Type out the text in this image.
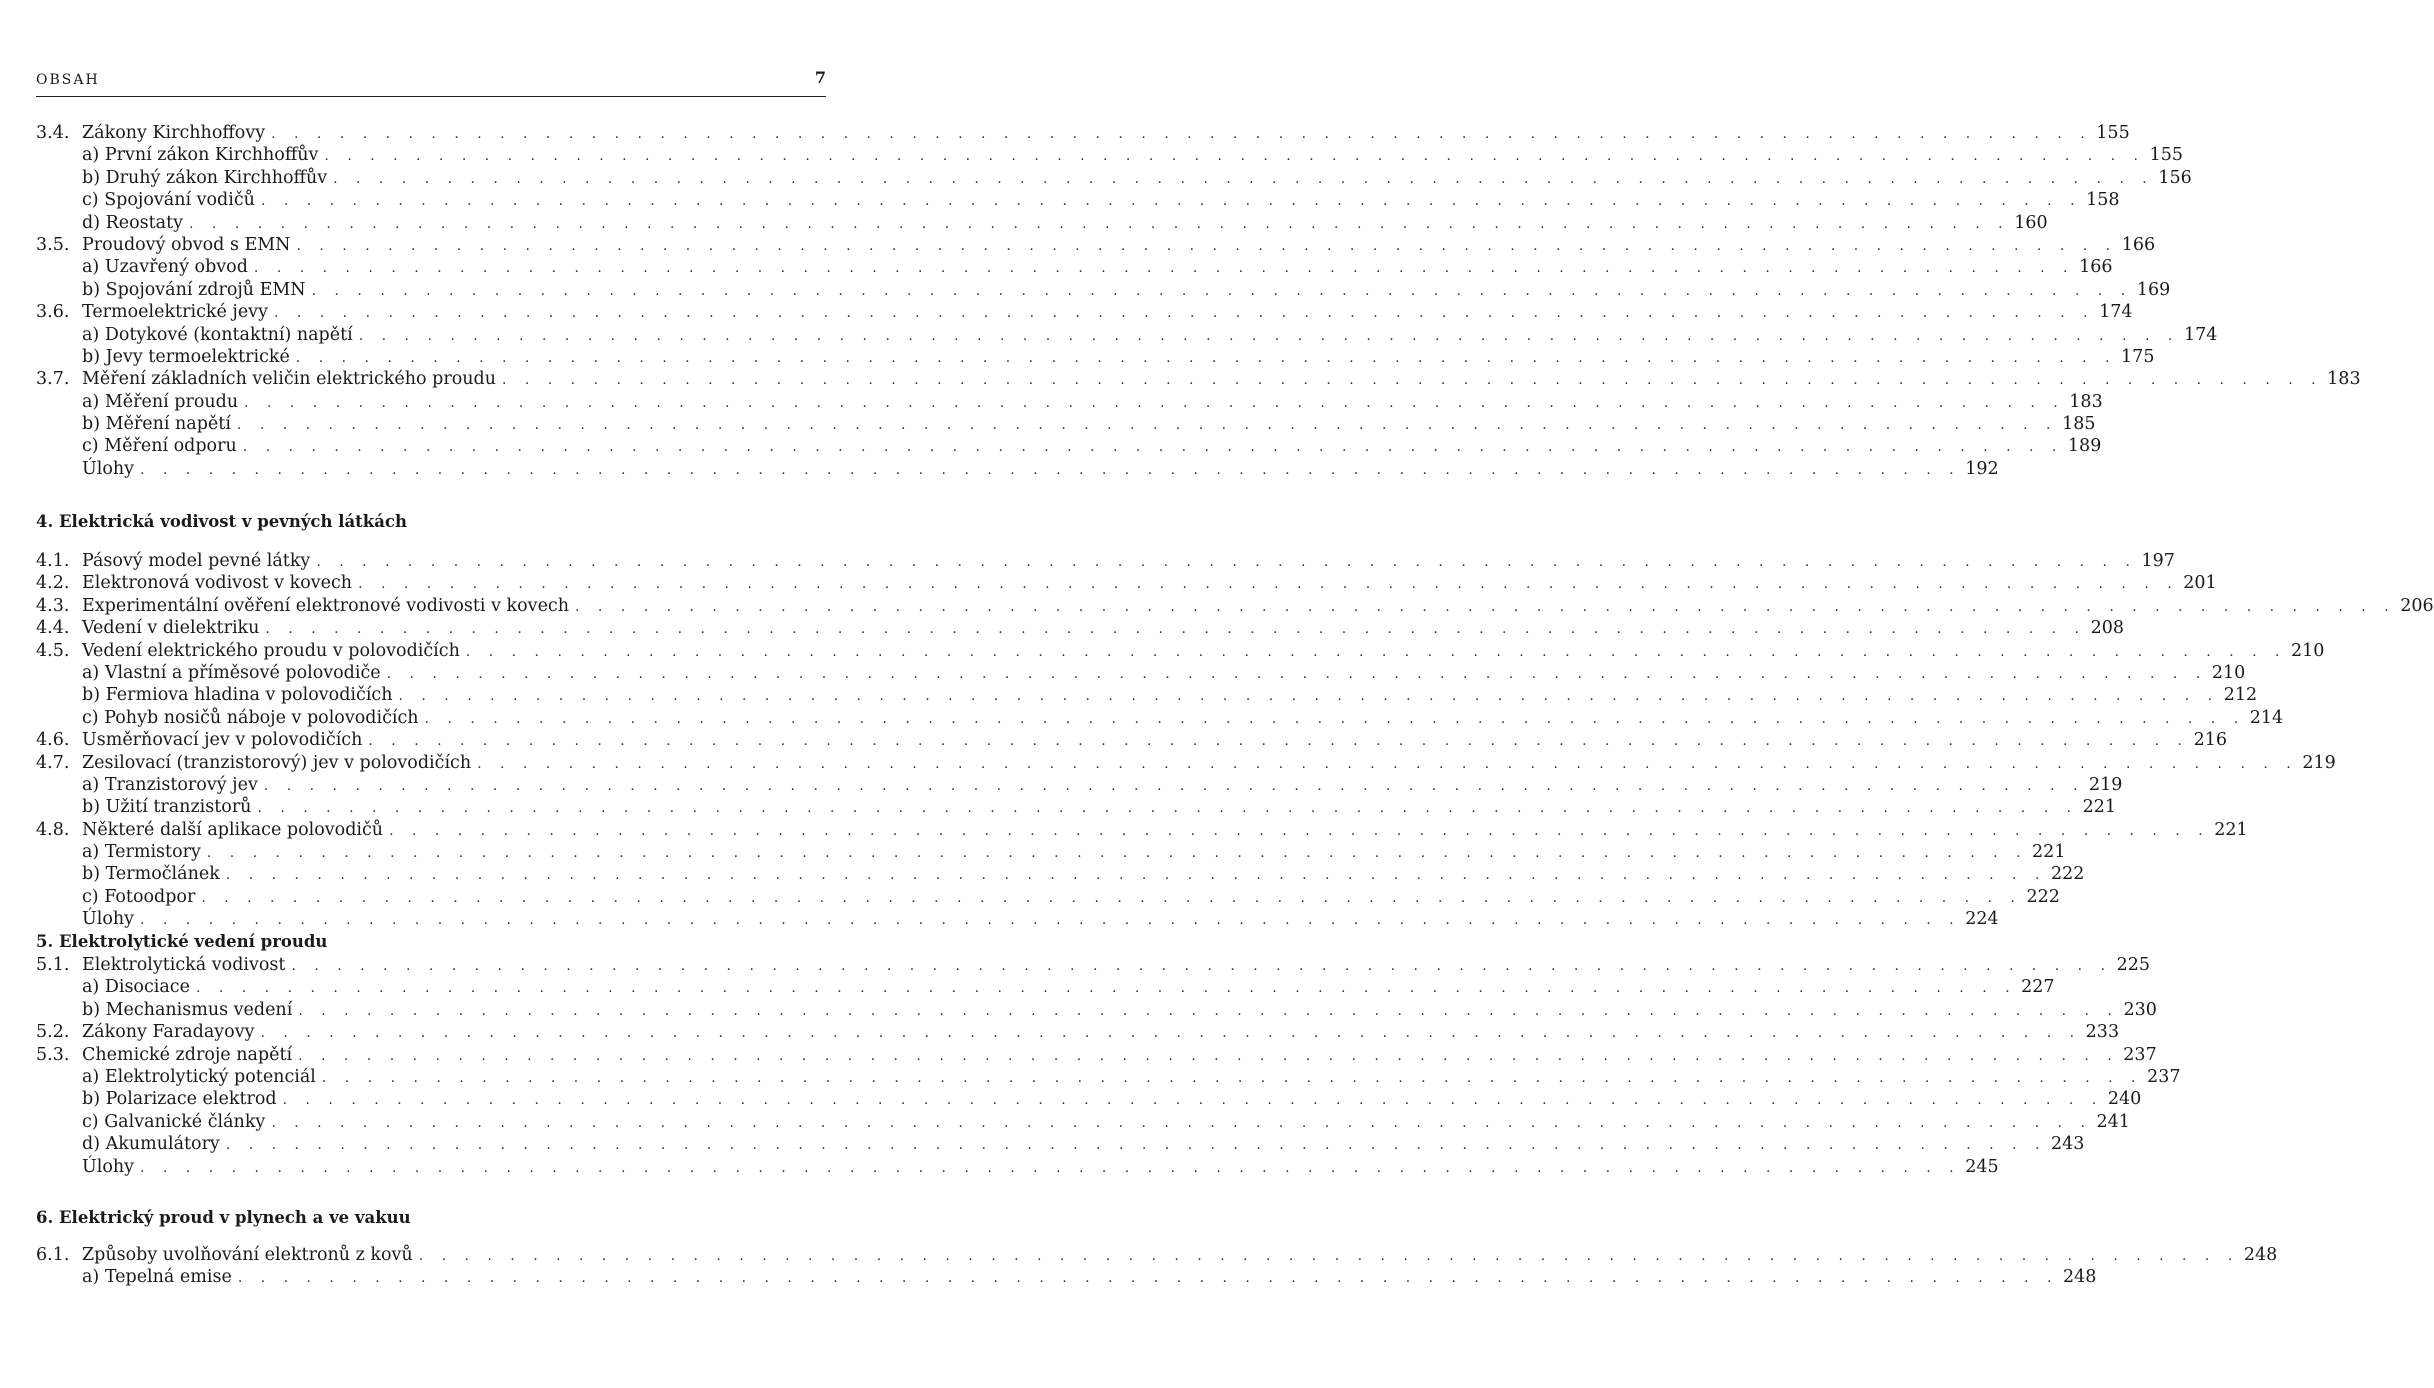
OBSAH	7
3.4. Zákony Kirchhoffovy . . . . . . . . . . . . . . . . . . . . . . . . . . . . . . . . . . . . . . . . . . . . . . . . . . . . . . . . . . . . . . . . . . . . . . . . . . . . . . . . 155
a) První zákon Kirchhoffův . . . . . . . . . . . . . . . . . . . . . . . . . . . . . . . . . . . . . . . . . . . . . . . . . . . . . . . . . . . . . . . . . . . . . . . . . . . . . . . . 155
b) Druhý zákon Kirchhoffův . . . . . . . . . . . . . . . . . . . . . . . . . . . . . . . . . . . . . . . . . . . . . . . . . . . . . . . . . . . . . . . . . . . . . . . . . . . . . . . . 156
c) Spojování vodičů . . . . . . . . . . . . . . . . . . . . . . . . . . . . . . . . . . . . . . . . . . . . . . . . . . . . . . . . . . . . . . . . . . . . . . . . . . . . . . . . 158
d) Reostaty . . . . . . . . . . . . . . . . . . . . . . . . . . . . . . . . . . . . . . . . . . . . . . . . . . . . . . . . . . . . . . . . . . . . . . . . . . . . . . . . 160
3.5. Proudový obvod s EMN . . . . . . . . . . . . . . . . . . . . . . . . . . . . . . . . . . . . . . . . . . . . . . . . . . . . . . . . . . . . . . . . . . . . . . . . . . . . . . . . 166
a) Uzavřený obvod . . . . . . . . . . . . . . . . . . . . . . . . . . . . . . . . . . . . . . . . . . . . . . . . . . . . . . . . . . . . . . . . . . . . . . . . . . . . . . . . 166
b) Spojování zdrojů EMN . . . . . . . . . . . . . . . . . . . . . . . . . . . . . . . . . . . . . . . . . . . . . . . . . . . . . . . . . . . . . . . . . . . . . . . . . . . . . . . . 169
3.6. Termoelektrické jevy . . . . . . . . . . . . . . . . . . . . . . . . . . . . . . . . . . . . . . . . . . . . . . . . . . . . . . . . . . . . . . . . . . . . . . . . . . . . . . . . 174
a) Dotykové (kontaktní) napětí . . . . . . . . . . . . . . . . . . . . . . . . . . . . . . . . . . . . . . . . . . . . . . . . . . . . . . . . . . . . . . . . . . . . . . . . . . . . . . . . 174
b) Jevy termoelektrické . . . . . . . . . . . . . . . . . . . . . . . . . . . . . . . . . . . . . . . . . . . . . . . . . . . . . . . . . . . . . . . . . . . . . . . . . . . . . . . . 175
3.7. Měření základních veličin elektrického proudu . . . . . . . . . . . . . . . . . . . . . . . . . . . . . . . . . . . . . . . . . . . . . . . . . . . . . . . . . . . . . . . . . . . . . . . . . . . . . . . . 183
a) Měření proudu . . . . . . . . . . . . . . . . . . . . . . . . . . . . . . . . . . . . . . . . . . . . . . . . . . . . . . . . . . . . . . . . . . . . . . . . . . . . . . . . 183
b) Měření napětí . . . . . . . . . . . . . . . . . . . . . . . . . . . . . . . . . . . . . . . . . . . . . . . . . . . . . . . . . . . . . . . . . . . . . . . . . . . . . . . . 185
c) Měření odporu . . . . . . . . . . . . . . . . . . . . . . . . . . . . . . . . . . . . . . . . . . . . . . . . . . . . . . . . . . . . . . . . . . . . . . . . . . . . . . . . 189
Úlohy . . . . . . . . . . . . . . . . . . . . . . . . . . . . . . . . . . . . . . . . . . . . . . . . . . . . . . . . . . . . . . . . . . . . . . . . . . . . . . . . 192
4. Elektrická vodivost v pevných látkách
4.1. Pásový model pevné látky . . . . . . . . . . . . . . . . . . . . . . . . . . . . . . . . . . . . . . . . . . . . . . . . . . . . . . . . . . . . . . . . . . . . . . . . . . . . . . . . 197
4.2. Elektronová vodivost v kovech . . . . . . . . . . . . . . . . . . . . . . . . . . . . . . . . . . . . . . . . . . . . . . . . . . . . . . . . . . . . . . . . . . . . . . . . . . . . . . . . 201
4.3. Experimentální ověření elektronové vodivosti v kovech . . . . . . . . . . . . . . . . . . . . . . . . . . . . . . . . . . . . . . . . . . . . . . . . . . . . . . . . . . . . . . . . . . . . . . . . . . . . . . . . 206
4.4. Vedení v dielektriku . . . . . . . . . . . . . . . . . . . . . . . . . . . . . . . . . . . . . . . . . . . . . . . . . . . . . . . . . . . . . . . . . . . . . . . . . . . . . . . . 208
4.5. Vedení elektrického proudu v polovodičích . . . . . . . . . . . . . . . . . . . . . . . . . . . . . . . . . . . . . . . . . . . . . . . . . . . . . . . . . . . . . . . . . . . . . . . . . . . . . . . . 210
a) Vlastní a příměsové polovodiče . . . . . . . . . . . . . . . . . . . . . . . . . . . . . . . . . . . . . . . . . . . . . . . . . . . . . . . . . . . . . . . . . . . . . . . . . . . . . . . . 210
b) Fermiova hladina v polovodičích . . . . . . . . . . . . . . . . . . . . . . . . . . . . . . . . . . . . . . . . . . . . . . . . . . . . . . . . . . . . . . . . . . . . . . . . . . . . . . . . 212
c) Pohyb nosičů náboje v polovodičích . . . . . . . . . . . . . . . . . . . . . . . . . . . . . . . . . . . . . . . . . . . . . . . . . . . . . . . . . . . . . . . . . . . . . . . . . . . . . . . . 214
4.6. Usměrňovací jev v polovodičích . . . . . . . . . . . . . . . . . . . . . . . . . . . . . . . . . . . . . . . . . . . . . . . . . . . . . . . . . . . . . . . . . . . . . . . . . . . . . . . . 216
4.7. Zesilovací (tranzistorový) jev v polovodičích . . . . . . . . . . . . . . . . . . . . . . . . . . . . . . . . . . . . . . . . . . . . . . . . . . . . . . . . . . . . . . . . . . . . . . . . . . . . . . . . 219
a) Tranzistorový jev . . . . . . . . . . . . . . . . . . . . . . . . . . . . . . . . . . . . . . . . . . . . . . . . . . . . . . . . . . . . . . . . . . . . . . . . . . . . . . . . 219
b) Užití tranzistorů . . . . . . . . . . . . . . . . . . . . . . . . . . . . . . . . . . . . . . . . . . . . . . . . . . . . . . . . . . . . . . . . . . . . . . . . . . . . . . . . 221
4.8. Některé další aplikace polovodičů . . . . . . . . . . . . . . . . . . . . . . . . . . . . . . . . . . . . . . . . . . . . . . . . . . . . . . . . . . . . . . . . . . . . . . . . . . . . . . . . 221
a) Termistory . . . . . . . . . . . . . . . . . . . . . . . . . . . . . . . . . . . . . . . . . . . . . . . . . . . . . . . . . . . . . . . . . . . . . . . . . . . . . . . . 221
b) Termočlánek . . . . . . . . . . . . . . . . . . . . . . . . . . . . . . . . . . . . . . . . . . . . . . . . . . . . . . . . . . . . . . . . . . . . . . . . . . . . . . . . 222
c) Fotoodpor . . . . . . . . . . . . . . . . . . . . . . . . . . . . . . . . . . . . . . . . . . . . . . . . . . . . . . . . . . . . . . . . . . . . . . . . . . . . . . . . 222
Úlohy . . . . . . . . . . . . . . . . . . . . . . . . . . . . . . . . . . . . . . . . . . . . . . . . . . . . . . . . . . . . . . . . . . . . . . . . . . . . . . . . 224
5. Elektrolytické vedení proudu
5.1. Elektrolytická vodivost . . . . . . . . . . . . . . . . . . . . . . . . . . . . . . . . . . . . . . . . . . . . . . . . . . . . . . . . . . . . . . . . . . . . . . . . . . . . . . . . 225
a) Disociace . . . . . . . . . . . . . . . . . . . . . . . . . . . . . . . . . . . . . . . . . . . . . . . . . . . . . . . . . . . . . . . . . . . . . . . . . . . . . . . . 227
b) Mechanismus vedení . . . . . . . . . . . . . . . . . . . . . . . . . . . . . . . . . . . . . . . . . . . . . . . . . . . . . . . . . . . . . . . . . . . . . . . . . . . . . . . . 230
5.2. Zákony Faradayovy . . . . . . . . . . . . . . . . . . . . . . . . . . . . . . . . . . . . . . . . . . . . . . . . . . . . . . . . . . . . . . . . . . . . . . . . . . . . . . . . 233
5.3. Chemické zdroje napětí . . . . . . . . . . . . . . . . . . . . . . . . . . . . . . . . . . . . . . . . . . . . . . . . . . . . . . . . . . . . . . . . . . . . . . . . . . . . . . . . 237
a) Elektrolytický potenciál . . . . . . . . . . . . . . . . . . . . . . . . . . . . . . . . . . . . . . . . . . . . . . . . . . . . . . . . . . . . . . . . . . . . . . . . . . . . . . . . 237
b) Polarizace elektrod . . . . . . . . . . . . . . . . . . . . . . . . . . . . . . . . . . . . . . . . . . . . . . . . . . . . . . . . . . . . . . . . . . . . . . . . . . . . . . . . 240
c) Galvanické články . . . . . . . . . . . . . . . . . . . . . . . . . . . . . . . . . . . . . . . . . . . . . . . . . . . . . . . . . . . . . . . . . . . . . . . . . . . . . . . . 241
d) Akumulátory . . . . . . . . . . . . . . . . . . . . . . . . . . . . . . . . . . . . . . . . . . . . . . . . . . . . . . . . . . . . . . . . . . . . . . . . . . . . . . . . 243
Úlohy . . . . . . . . . . . . . . . . . . . . . . . . . . . . . . . . . . . . . . . . . . . . . . . . . . . . . . . . . . . . . . . . . . . . . . . . . . . . . . . . 245
6. Elektrický proud v plynech a ve vakuu
6.1. Způsoby uvolňování elektronů z kovů . . . . . . . . . . . . . . . . . . . . . . . . . . . . . . . . . . . . . . . . . . . . . . . . . . . . . . . . . . . . . . . . . . . . . . . . . . . . . . . . 248
a) Tepelná emise . . . . . . . . . . . . . . . . . . . . . . . . . . . . . . . . . . . . . . . . . . . . . . . . . . . . . . . . . . . . . . . . . . . . . . . . . . . . . . . . 248
